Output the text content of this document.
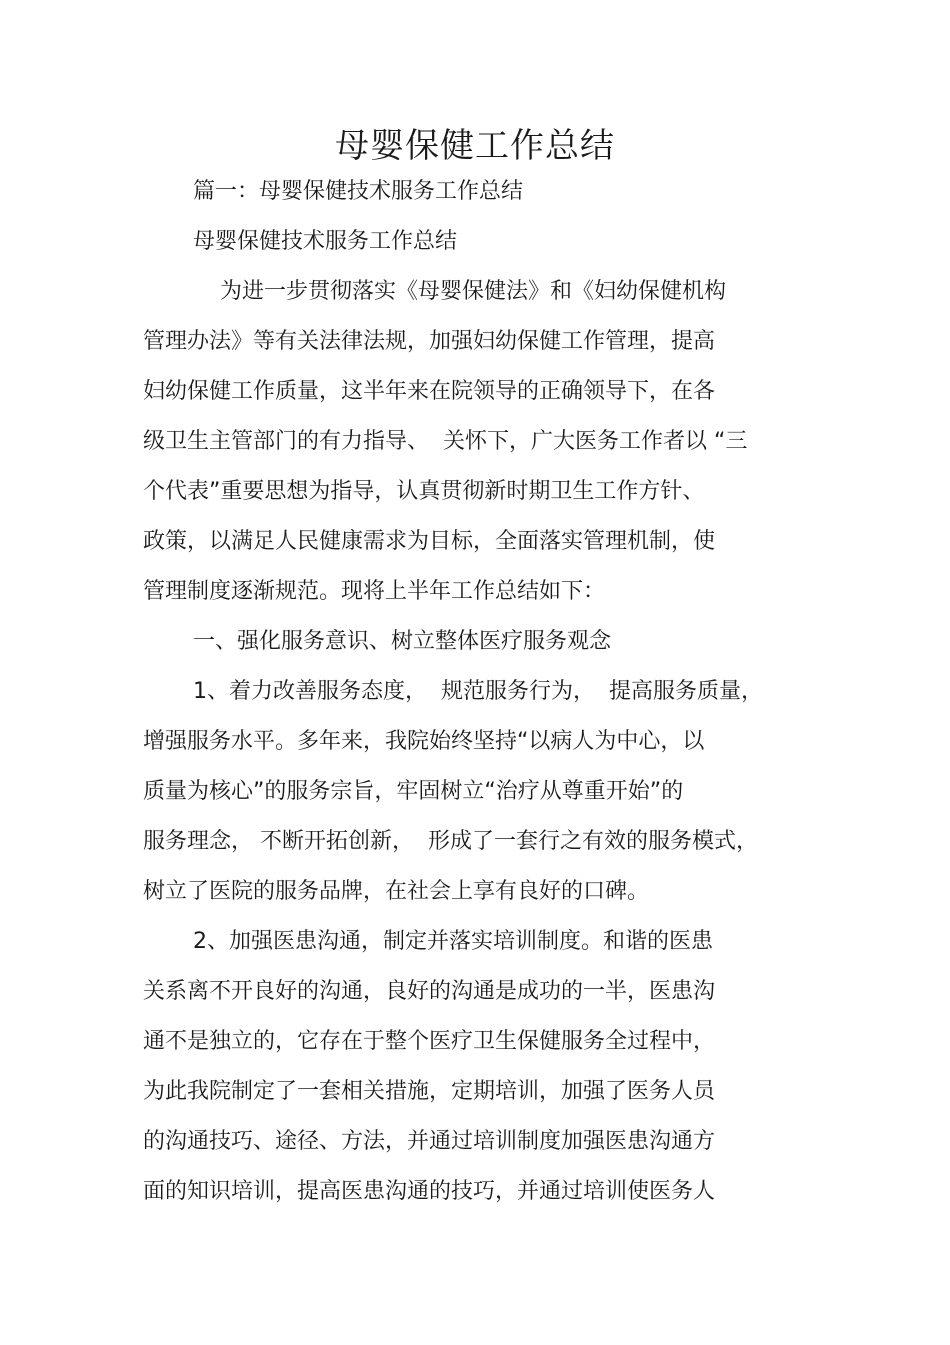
母婴保健工作总结
篇一：母婴保健技术服务工作总结
母婴保健技术服务工作总结
为进一步贯彻落实《母婴保健法》和《妇幼保健机构
管理办法》等有关法律法规，加强妇幼保健工作管理，提高
妇幼保健工作质量，这半年来在院领导的正确领导下，在各
级卫生主管部门的有力指导、  关怀下，广大医务工作者以 “三
个代表”重要思想为指导，认真贯彻新时期卫生工作方针、
政策，以满足人民健康需求为目标，全面落实管理机制，使
管理制度逐渐规范。现将上半年工作总结如下：
一、强化服务意识、树立整体医疗服务观念
1、着力改善服务态度，  规范服务行为，  提高服务质量，
增强服务水平。多年来，我院始终坚持“以病人为中心，以
质量为核心”的服务宗旨，牢固树立“治疗从尊重开始”的
服务理念， 不断开拓创新，  形成了一套行之有效的服务模式，
树立了医院的服务品牌，在社会上享有良好的口碑。
2、加强医患沟通，制定并落实培训制度。和谐的医患
关系离不开良好的沟通，良好的沟通是成功的一半，医患沟
通不是独立的，它存在于整个医疗卫生保健服务全过程中，
为此我院制定了一套相关措施，定期培训，加强了医务人员
的沟通技巧、途径、方法，并通过培训制度加强医患沟通方
面的知识培训，提高医患沟通的技巧，并通过培训使医务人
